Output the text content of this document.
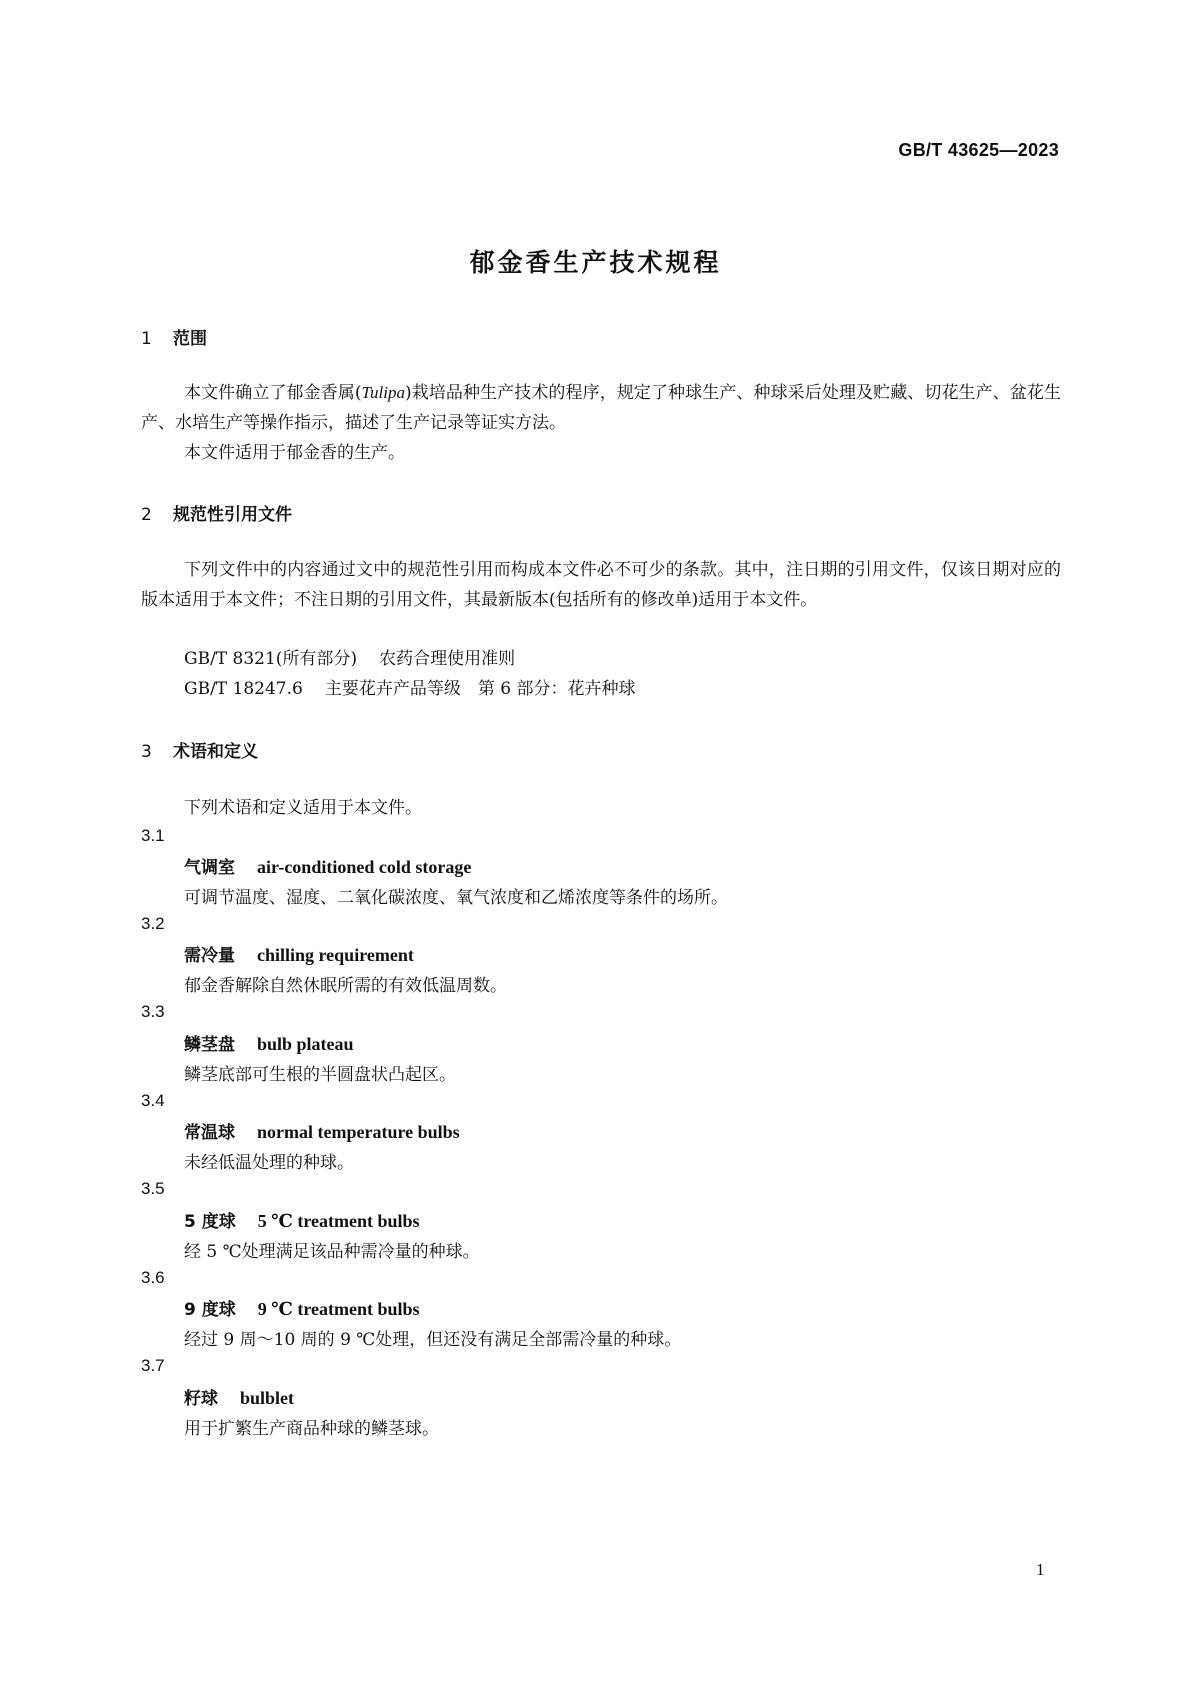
GB/T 43625—2023
郁金香生产技术规程
1 范围
本文件确立了郁金香属(Tulipa)栽培品种生产技术的程序，规定了种球生产、种球采后处理及贮藏、切花生产、盆花生产、水培生产等操作指示，描述了生产记录等证实方法。
本文件适用于郁金香的生产。
2 规范性引用文件
下列文件中的内容通过文中的规范性引用而构成本文件必不可少的条款。其中，注日期的引用文件，仅该日期对应的版本适用于本文件；不注日期的引用文件，其最新版本(包括所有的修改单)适用于本文件。
GB/T 8321(所有部分) 农药合理使用准则
GB/T 18247.6 主要花卉产品等级　第 6 部分：花卉种球
3 术语和定义
下列术语和定义适用于本文件。
3.1
气调室 air-conditioned cold storage
可调节温度、湿度、二氧化碳浓度、氧气浓度和乙烯浓度等条件的场所。
3.2
需冷量 chilling requirement
郁金香解除自然休眠所需的有效低温周数。
3.3
鳞茎盘 bulb plateau
鳞茎底部可生根的半圆盘状凸起区。
3.4
常温球 normal temperature bulbs
未经低温处理的种球。
3.5
5 度球 5 ℃ treatment bulbs
经 5 ℃处理满足该品种需冷量的种球。
3.6
9 度球 9 ℃ treatment bulbs
经过 9 周～10 周的 9 ℃处理，但还没有满足全部需冷量的种球。
3.7
籽球 bulblet
用于扩繁生产商品种球的鳞茎球。
1
